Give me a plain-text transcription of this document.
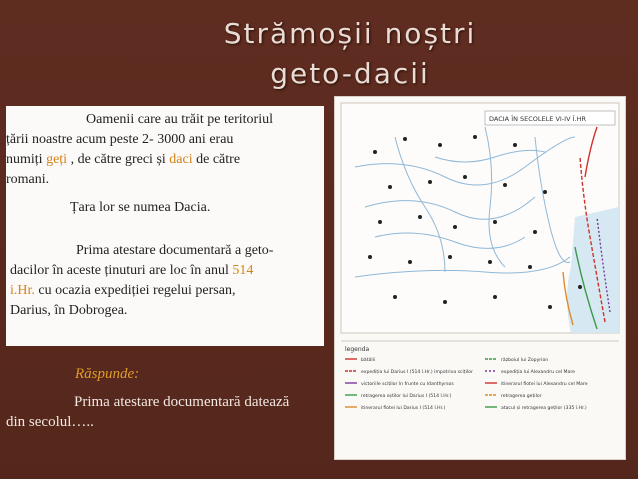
Strămoșii noștri
geto-dacii
Oamenii care au trăit pe teritoriul
țării noastre acum peste 2- 3000 ani erau
numiți geți , de către greci și daci de către
romani.
Țara lor se numea Dacia.
Prima atestare documentară a geto-
dacilor în aceste ținuturi are loc în anul 514
i.Hr. cu ocazia expediției regelui persan,
Darius, în Dobrogea.
Răspunde:
Prima atestare documentară datează
din secolul…..
DACIA ÎN SECOLELE VI-IV Î.HR
legenda
bătălii
expediția lui Darius I (514 î.Hr.) împotriva sciților
victoriile sciților în frunte cu Idanthyrsos
retragerea oștilor lui Darius I (514 î.Hr.)
itinerarul flotei lui Darius I (514 î.Hr.)
războiul lui Zopyrion
expediția lui Alexandru cel Mare
itinerarul flotei lui Alexandru cel Mare
retragerea geților
atacul și retragerea geților (335 î.Hr.)
